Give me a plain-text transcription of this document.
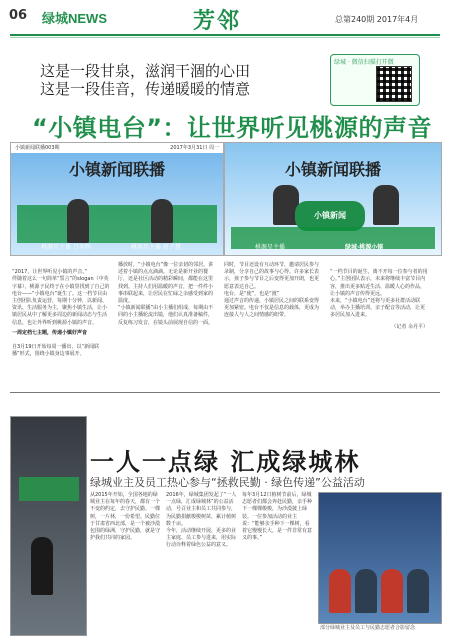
06 绿城NEWS	芳邻	总第240期 2017年4月
这是一段甘泉，滋润干涸的心田
这是一段佳音，传递暖暖的情意
绿城 · 微信扫描打开微
“小镇电台”：让世界听见桃源的声音
小镇新闻联播003期	2017年3月31日 周一
小镇新闻联播
桃源星主播 吕奕辉	桃源星主播 周子慧
小镇新闻联播
小镇新闻
桃源星主播	绿城·桃源小镇

“2017，让世界听见小镇的声音。”
伴随着这么一句简单“誓言”的slogan（中英字幕），桃源子民终于在小镇里找到了自己的电台——“小镇电台”诞生了。这一档节目由主创团队负责运营，每期十分钟，以新闻、资讯、生活服务为主，聚焦小镇生活，让小镇居民从中了解更多周边的新闻动态与生活信息，也让外界听到桃源小镇的声音。

一周定档七主题，传递小镇好声音

自3月19日开始每周一播出，以“新闻联播”形式，围绕小镇身边事展开。

播放时，“小镇电台”像一位亲切的邻居，讲述着小镇的点点滴滴。无论是新开业的餐厅，还是社区活动的精彩瞬间，都能在这里找到。主持人们用温暖的声音，把一件件小事串联起来，让居民在忙碌之余感受到家的温度。
“小镇新闻联播”由小主播们组成，每期由不同的小主播轮流出镜，他们认真准备稿件，反复练习发音，在镜头前展现自信的一面。
同时，节目还设有互动环节，邀请居民参与录制，分享自己的故事与心得。许多家长表示，孩子参与节目之后变得更加开朗，也更愿意表达自己。
电台，是“使”，也是“渡”
通过声音的传递，小镇居民之间的联系变得更加紧密。电台不仅是信息的载体，更成为连接人与人之间情感的纽带。

“一档节目的诞生，离不开每一位参与者的用心。”主创团队表示，未来将继续丰富节目内容，推出更多贴近生活、温暖人心的作品，让小镇的声音传得更远。
未来，“小镇电台”还将与更多社群活动联动，举办主播培训、亲子配音等活动，让更多居民加入进来。

（记者 余丹平）

一人一点绿 汇成绿城林
绿城业主及员工热心参与“拯救民勤 · 绿色传递”公益活动
从2015年开始，全国各地的绿城业主在每年的春天，都有一个不变的约定，去守护民勤。一棵树，一片林，一份希望。民勤位于甘肃省西北部，是一个被沙漠包围的绿洲，守护民勤，就是守护我们共同的家园。
2016年，绿城集团发起了“一人一点绿，汇成绿城林”的公益活动，号召业主和员工共同参与，为民勤捐献梭梭树苗，累计植树数千亩。
今年，活动继续开展，更多的业主家庭、员工参与进来，用实际行动诠释着绿色公益的意义。
每年3月12日植树节前后，绿城志愿者们都会奔赴民勤，亲手种下一棵棵梭梭，为沙漠披上绿装。一位参加活动的业主说：“能够亲手种下一棵树，看着它慢慢长大，是一件非常有意义的事。”
部分绿城业主及员工与民勤志愿者合影留念
